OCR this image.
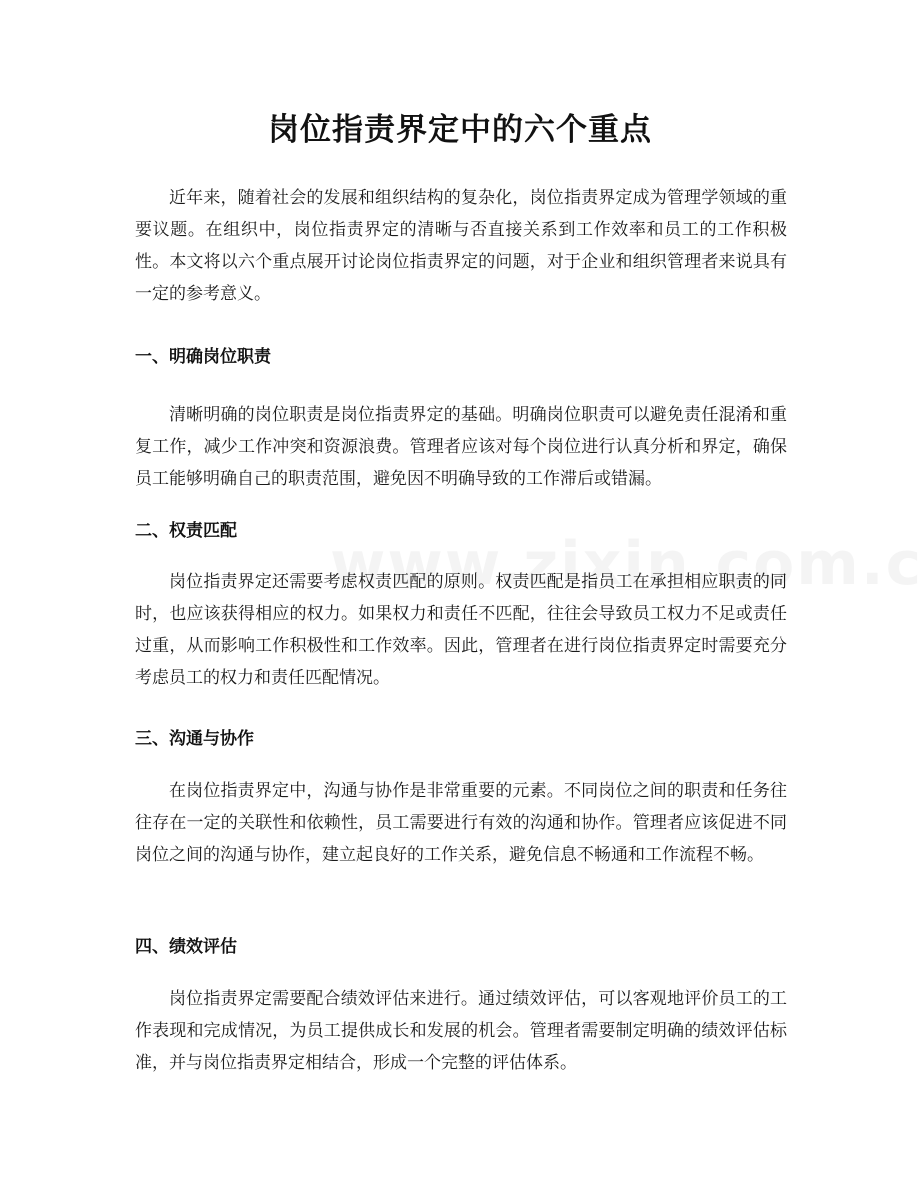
岗位指责界定中的六个重点
近年来，随着社会的发展和组织结构的复杂化，岗位指责界定成为管理学领域的重要议题。在组织中，岗位指责界定的清晰与否直接关系到工作效率和员工的工作积极性。本文将以六个重点展开讨论岗位指责界定的问题，对于企业和组织管理者来说具有一定的参考意义。
一、明确岗位职责
清晰明确的岗位职责是岗位指责界定的基础。明确岗位职责可以避免责任混淆和重复工作，减少工作冲突和资源浪费。管理者应该对每个岗位进行认真分析和界定，确保员工能够明确自己的职责范围，避免因不明确导致的工作滞后或错漏。
二、权责匹配
岗位指责界定还需要考虑权责匹配的原则。权责匹配是指员工在承担相应职责的同时，也应该获得相应的权力。如果权力和责任不匹配，往往会导致员工权力不足或责任过重，从而影响工作积极性和工作效率。因此，管理者在进行岗位指责界定时需要充分考虑员工的权力和责任匹配情况。
三、沟通与协作
在岗位指责界定中，沟通与协作是非常重要的元素。不同岗位之间的职责和任务往往存在一定的关联性和依赖性，员工需要进行有效的沟通和协作。管理者应该促进不同岗位之间的沟通与协作，建立起良好的工作关系，避免信息不畅通和工作流程不畅。
四、绩效评估
岗位指责界定需要配合绩效评估来进行。通过绩效评估，可以客观地评价员工的工作表现和完成情况，为员工提供成长和发展的机会。管理者需要制定明确的绩效评估标准，并与岗位指责界定相结合，形成一个完整的评估体系。
